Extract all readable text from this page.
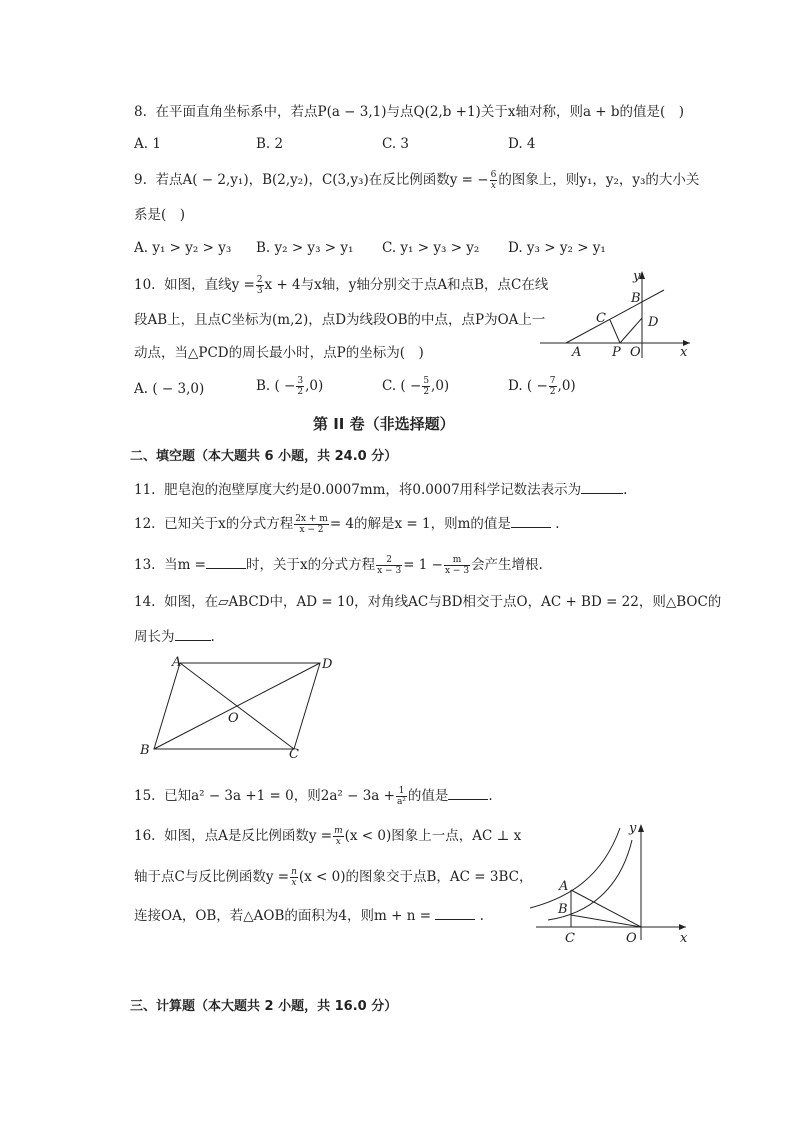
8. 在平面直角坐标系中，若点P(a − 3,1)与点Q(2,b +1)关于x轴对称，则a + b的值是(　)
A. 1	B. 2	C. 3	D. 4
9. 若点A( − 2,y₁)，B(2,y₂)，C(3,y₃)在反比例函数y = − $\frac{6}{x}$ 的图象上，则y₁，y₂，y₃的大小关
系是(　)
A. y₁ > y₂ > y₃ B. y₂ > y₃ > y₁ C. y₁ > y₃ > y₂ D. y₃ > y₂ > y₁
10. 如图，直线$y = \frac{2}{3}$ x + 4与x轴，y轴分别交于点A和点B，点C在线
段AB上，且点C坐标为(m,2)，点D为线段OB的中点，点P为OA上一
动点，当△PCD的周长最小时，点P的坐标为(　)
A. ( − 3,0)	B. ( − $\frac{3}{2} ,0$)	C. ( − $\frac{5}{2} ,0$)	D. ( − $\frac{7}{2} ,0$)
y
B
C	D
A P O	x
第 II 卷（非选择题）
二、填空题（本大题共 6 小题，共 24.0 分）
11. 肥皂泡的泡壁厚度大约是0.0007mm，将0.0007用科学记数法表示为	.
12. 已知关于x的分式方程 $\frac{2x + m}{x - 2} = 4$的解是x = 1，则m的值是	.
13. 当m =	时，关于x的分式方程 $\frac{2}{x - 3} = 1 - \frac{m}{x - 3}$ 会产生增根.
14. 如图，在▱ABCD中，AD = 10，对角线AC与BD相交于点O，AC + BD = 22，则△BOC的
周长为	.
A	D
O
B	C
15. 已知a² − 3a +1 = 0，则$2a^2 - 3a + \frac{1}{\text{a²}}$ 的值是	.
16. 如图，点A是反比例函数$y = \frac{m}{x} (x < 0)$图象上一点，AC ⊥ x
轴于点C与反比例函数$y = \frac{n}{x} (x < 0)$的图象交于点B，AC = 3BC，
连接OA，OB，若△AOB的面积为4，则m + n =	.
y
A
B
C	O	x
三、计算题（本大题共 2 小题，共 16.0 分）
